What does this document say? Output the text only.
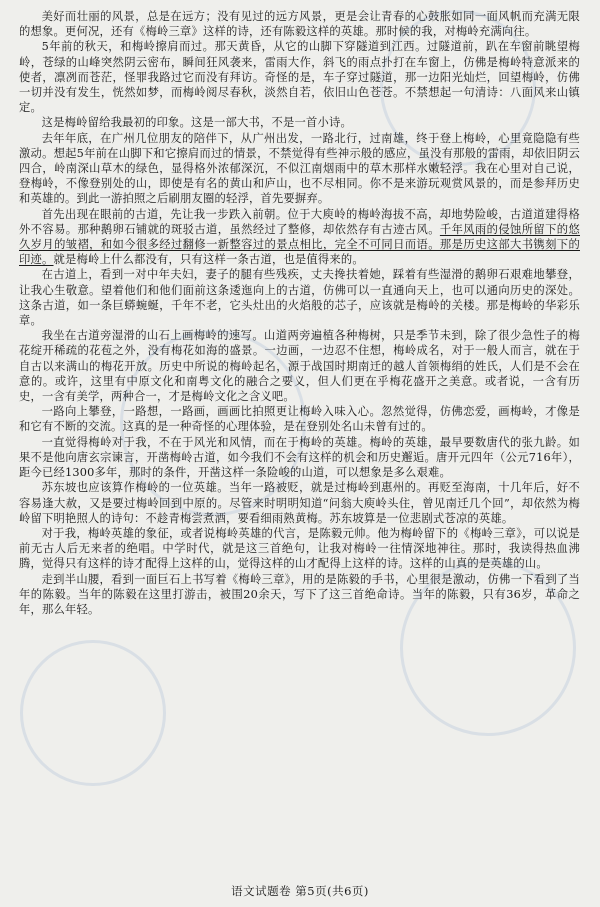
美好而壮丽的风景，总是在远方；没有见过的远方风景，更是会让青春的心鼓胀如同一面风帆而充满无限的想象。更何况，还有《梅岭三章》这样的诗，还有陈毅这样的英雄。那时候的我，对梅岭充满向往。

5年前的秋天，和梅岭擦肩而过。那天黄昏，从它的山脚下穿隧道到江西。过隧道前，趴在车窗前眺望梅岭，苍绿的山峰突然阴云密布，瞬间狂风袭来，雷雨大作，斜飞的雨点扑打在车窗上，仿佛是梅岭特意派来的使者，凛冽而苍茫，怪罪我路过它而没有拜访。奇怪的是，车子穿过隧道，那一边阳光灿烂，回望梅岭，仿佛一切并没有发生，恍然如梦，而梅岭阅尽春秋，淡然自若，依旧山色苍苍。不禁想起一句清诗：八面风来山镇定。

这是梅岭留给我最初的印象。这是一部大书，不是一首小诗。

去年年底，在广州几位朋友的陪伴下，从广州出发，一路北行，过南雄，终于登上梅岭，心里竟隐隐有些激动。想起5年前在山脚下和它擦肩而过的情景，不禁觉得有些神示般的感应，虽没有那般的雷雨，却依旧阴云四合，岭南深山草木的绿色，显得格外浓郁深沉，不似江南烟雨中的草木那样水嫩轻浮。我在心里对自己说，登梅岭，不像登别处的山，即使是有名的黄山和庐山，也不尽相同。你不是来游玩观赏风景的，而是参拜历史和英雄的。到此一游拍照之后刷朋友圈的轻浮，首先要摒弃。

首先出现在眼前的古道，先让我一步跌入前朝。位于大庾岭的梅岭海拔不高，却地势险峻，古道道建得格外不容易。那种鹅卵石铺就的斑驳古道，虽然经过了整修，却依然存有古迹古风。千年风雨的侵蚀所留下的悠久岁月的皱褶，和如今很多经过翻修一新整容过的景点相比，完全不可同日而语。那是历史这部大书镌刻下的印迹。就是梅岭上什么都没有，只有这样一条古道，也是值得来的。

在古道上，看到一对中年夫妇，妻子的腿有些残疾，丈夫搀扶着她，踩着有些湿滑的鹅卵石艰难地攀登，让我心生敬意。望着他们和他们面前这条逶迤向上的古道，仿佛可以一直通向天上，也可以通向历史的深处。这条古道，如一条巨蟒蜿蜒，千年不老，它头灶出的火焰般的芯子，应该就是梅岭的关楼。那是梅岭的华彩乐章。

我坐在古道旁湿滑的山石上画梅岭的速写。山道两旁遍植各种梅树，只是季节未到，除了很少急性子的梅花绽开稀疏的花苞之外，没有梅花如海的盛景。一边画，一边忍不住想，梅岭成名，对于一般人而言，就在于自古以来满山的梅花开放。历史中所说的梅岭起名，源于战国时期南迁的越人首领梅绢的姓氏，人们是不会在意的。或许，这里有中原文化和南粤文化的融合之要义，但人们更在乎梅花盛开之美意。或者说，一含有历史，一含有美学，两种合一，才是梅岭文化之含义吧。

一路向上攀登，一路想，一路画，画画比拍照更让梅岭入味入心。忽然觉得，仿佛恋爱，画梅岭，才像是和它有不断的交流。这真的是一种奇怪的心理体验，是在登别处名山未曾有过的。

一直觉得梅岭对于我，不在于风光和风情，而在于梅岭的英雄。梅岭的英雄，最早要数唐代的张九龄。如果不是他向唐玄宗谏言，开凿梅岭古道，如今我们不会有这样的机会和历史邂逅。唐开元四年（公元716年），距今已经1300多年，那时的条件，开凿这样一条险峻的山道，可以想象是多么艰难。

苏东坡也应该算作梅岭的一位英雄。当年一路被贬，就是过梅岭到惠州的。再贬至海南，十几年后，好不容易逢大赦，又是要过梅岭回到中原的。尽管来时明明知道“问翁大庾岭头住，曾见南迁几个回”，却依然为梅岭留下明艳照人的诗句：不趁青梅尝煮酒，要看细雨熟黄梅。苏东坡算是一位悲剧式苍凉的英雄。

对于我，梅岭英雄的象征，或者说梅岭英雄的代言，是陈毅元帅。他为梅岭留下的《梅岭三章》，可以说是前无古人后无来者的绝唱。中学时代，就是这三首绝句，让我对梅岭一往情深地神往。那时，我读得热血沸腾，觉得只有这样的诗才配得上这样的山，觉得这样的山才配得上这样的诗。这样的山真的是英雄的山。

走到半山腰，看到一面巨石上书写着《梅岭三章》，用的是陈毅的手书，心里很是激动，仿佛一下看到了当年的陈毅。当年的陈毅在这里打游击，被围20余天，写下了这三首绝命诗。当年的陈毅，只有36岁，革命之年，那么年轻。

语文试题卷 第5页(共6页)
